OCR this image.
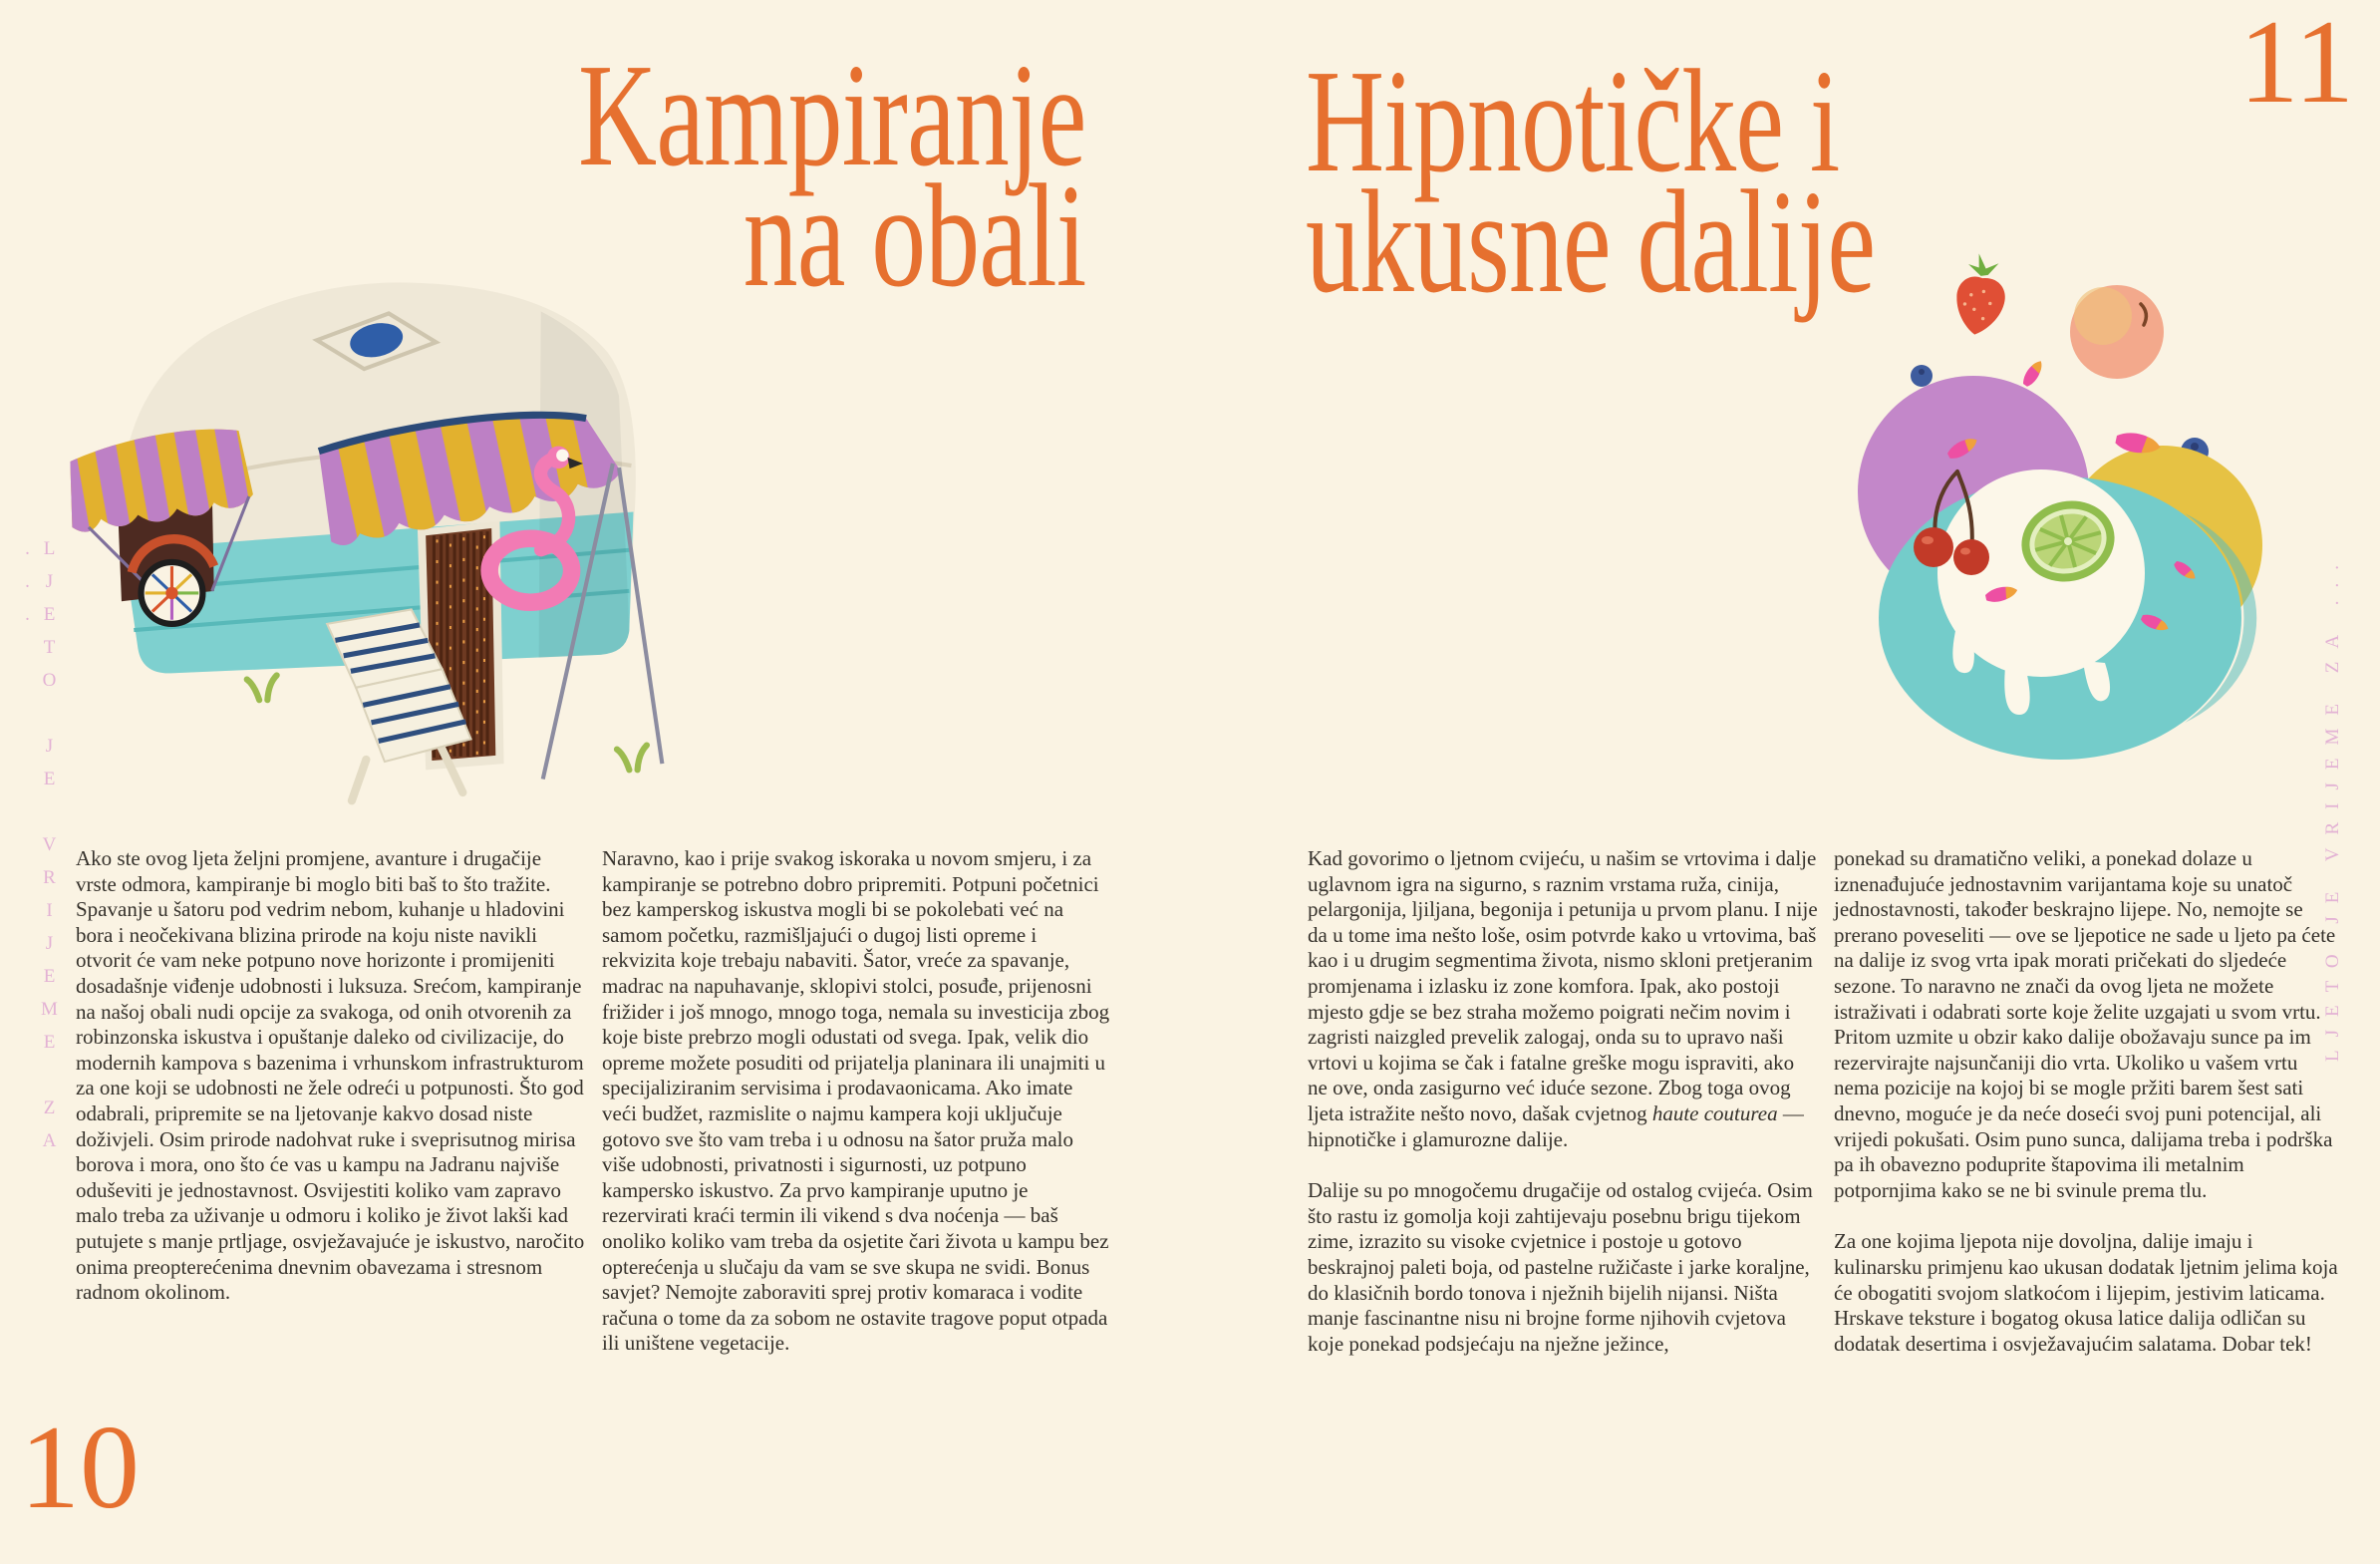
LJETO JE VRIJEME ZA ...	LJETO JE VRIJEME ZA ...
Kampiranje
na obali
Hipnotičke i
ukusne dalije

Ako ste ovog ljeta željni promjene, avanture i drugačije vrste odmora, kampiranje bi moglo biti baš to što tražite. Spavanje u šatoru pod vedrim nebom, kuhanje u hladovini bora i neočekivana blizina prirode na koju niste navikli otvorit će vam neke potpuno nove horizonte i promijeniti dosadašnje viđenje udobnosti i luksuza. Srećom, kampiranje na našoj obali nudi opcije za svakoga, od onih otvorenih za robinzonska iskustva i opuštanje daleko od civilizacije, do modernih kampova s bazenima i vrhunskom infrastrukturom za one koji se udobnosti ne žele odreći u potpunosti. Što god odabrali, pripremite se na ljetovanje kakvo dosad niste doživjeli. Osim prirode nadohvat ruke i sveprisutnog mirisa borova i mora, ono što će vas u kampu na Jadranu najviše oduševiti je jednostavnost. Osvijestiti koliko vam zapravo malo treba za uživanje u odmoru i koliko je život lakši kad putujete s manje prtljage, osvježavajuće je iskustvo, naročito onima preopterećenima dnevnim obavezama i stresnom radnom okolinom.

Naravno, kao i prije svakog iskoraka u novom smjeru, i za kampiranje se potrebno dobro pripremiti. Potpuni početnici bez kamperskog iskustva mogli bi se pokolebati već na samom početku, razmišljajući o dugoj listi opreme i rekvizita koje trebaju nabaviti. Šator, vreće za spavanje, madrac na napuhavanje, sklopivi stolci, posuđe, prijenosni frižider i još mnogo, mnogo toga, nemala su investicija zbog koje biste prebrzo mogli odustati od svega. Ipak, velik dio opreme možete posuditi od prijatelja planinara ili unajmiti u specijaliziranim servisima i prodavaonicama. Ako imate veći budžet, razmislite o najmu kampera koji uključuje gotovo sve što vam treba i u odnosu na šator pruža malo više udobnosti, privatnosti i sigurnosti, uz potpuno kampersko iskustvo. Za prvo kampiranje uputno je rezervirati kraći termin ili vikend s dva noćenja — baš onoliko koliko vam treba da osjetite čari života u kampu bez opterećenja u slučaju da vam se sve skupa ne svidi. Bonus savjet? Nemojte zaboraviti sprej protiv komaraca i vodite računa o tome da za sobom ne ostavite tragove poput otpada ili uništene vegetacije.

Kad govorimo o ljetnom cvijeću, u našim se vrtovima i dalje uglavnom igra na sigurno, s raznim vrstama ruža, cinija, pelargonija, ljiljana, begonija i petunija u prvom planu. I nije da u tome ima nešto loše, osim potvrde kako u vrtovima, baš kao i u drugim segmentima života, nismo skloni pretjeranim promjenama i izlasku iz zone komfora. Ipak, ako postoji mjesto gdje se bez straha možemo poigrati nečim novim i zagristi naizgled prevelik zalogaj, onda su to upravo naši vrtovi u kojima se čak i fatalne greške mogu ispraviti, ako ne ove, onda zasigurno već iduće sezone. Zbog toga ovog ljeta istražite nešto novo, dašak cvjetnog haute couturea — hipnotičke i glamurozne dalije.

Dalije su po mnogočemu drugačije od ostalog cvijeća. Osim što rastu iz gomolja koji zahtijevaju posebnu brigu tijekom zime, izrazito su visoke cvjetnice i postoje u gotovo beskrajnoj paleti boja, od pastelne ružičaste i jarke koraljne, do klasičnih bordo tonova i nježnih bijelih nijansi. Ništa manje fascinantne nisu ni brojne forme njihovih cvjetova koje ponekad podsjećaju na nježne ježince,

ponekad su dramatično veliki, a ponekad dolaze u iznenađujuće jednostavnim varijantama koje su unatoč jednostavnosti, također beskrajno lijepe. No, nemojte se prerano poveseliti — ove se ljepotice ne sade u ljeto pa ćete na dalije iz svog vrta ipak morati pričekati do sljedeće sezone. To naravno ne znači da ovog ljeta ne možete istraživati i odabrati sorte koje želite uzgajati u svom vrtu. Pritom uzmite u obzir kako dalije obožavaju sunce pa im rezervirajte najsunčaniji dio vrta. Ukoliko u vašem vrtu nema pozicije na kojoj bi se mogle pržiti barem šest sati dnevno, moguće je da neće doseći svoj puni potencijal, ali vrijedi pokušati. Osim puno sunca, dalijama treba i podrška pa ih obavezno poduprite štapovima ili metalnim potpornjima kako se ne bi svinule prema tlu.

Za one kojima ljepota nije dovoljna, dalije imaju i kulinarsku primjenu kao ukusan dodatak ljetnim jelima koja će obogatiti svojom slatkoćom i lijepim, jestivim laticama. Hrskave teksture i bogatog okusa latice dalija odličan su dodatak desertima i osvježavajućim salatama. Dobar tek!

10
11
